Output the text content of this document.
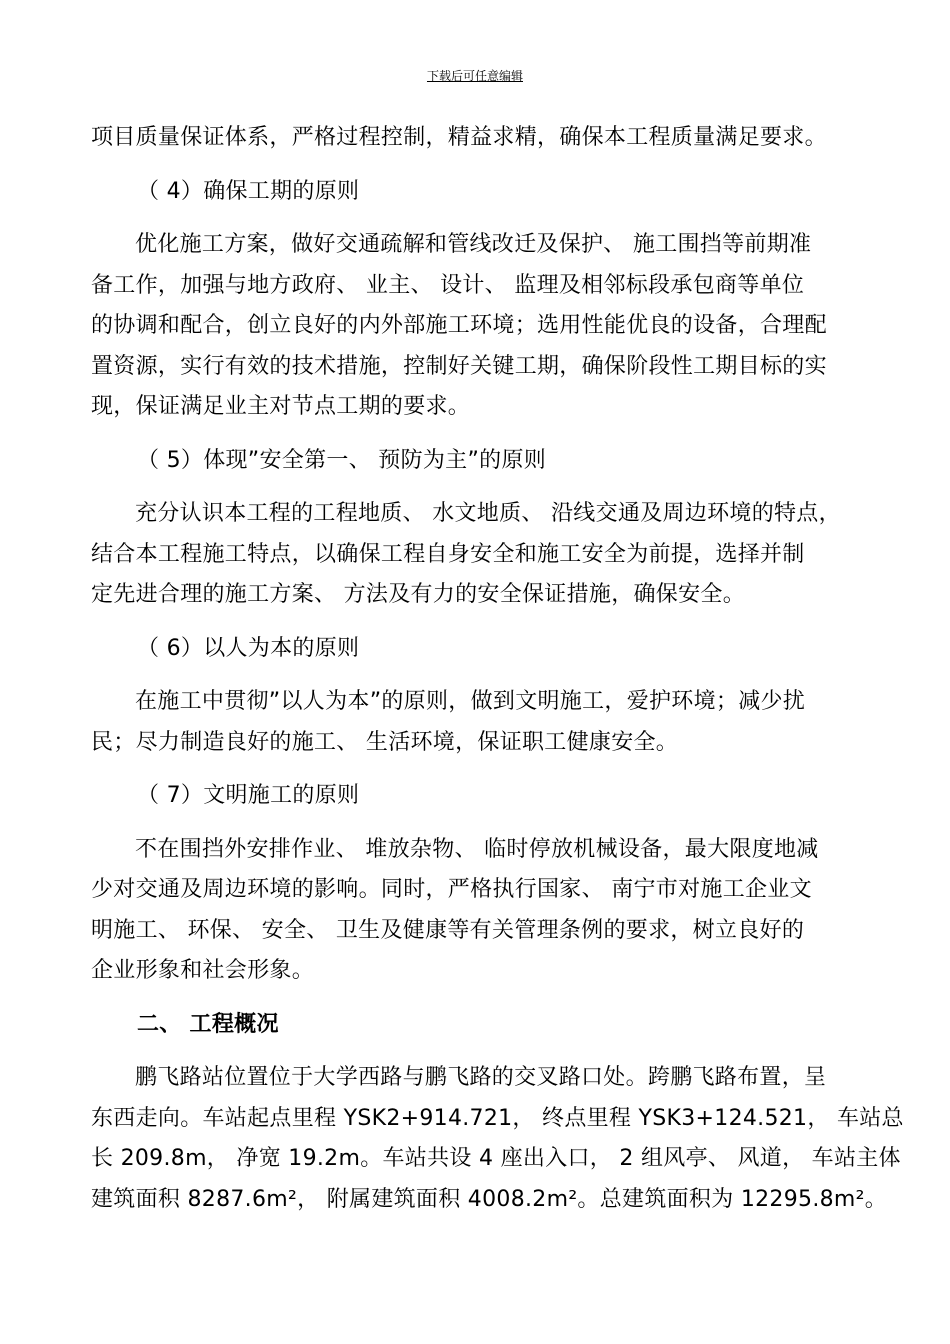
下载后可任意编辑

项目质量保证体系，严格过程控制，精益求精，确保本工程质量满足要求。

（ 4）确保工期的原则

优化施工方案，做好交通疏解和管线改迁及保护、 施工围挡等前期准

备工作，加强与地方政府、 业主、 设计、 监理及相邻标段承包商等单位

的协调和配合，创立良好的内外部施工环境；选用性能优良的设备，合理配

置资源，实行有效的技术措施，控制好关键工期，确保阶段性工期目标的实

现，保证满足业主对节点工期的要求。

（ 5）体现”安全第一、 预防为主”的原则

充分认识本工程的工程地质、 水文地质、 沿线交通及周边环境的特点，

结合本工程施工特点，以确保工程自身安全和施工安全为前提，选择并制

定先进合理的施工方案、 方法及有力的安全保证措施，确保安全。

（ 6）以人为本的原则

在施工中贯彻”以人为本”的原则，做到文明施工，爱护环境；减少扰

民；尽力制造良好的施工、 生活环境，保证职工健康安全。

（ 7）文明施工的原则

不在围挡外安排作业、 堆放杂物、 临时停放机械设备，最大限度地减

少对交通及周边环境的影响。同时，严格执行国家、 南宁市对施工企业文

明施工、 环保、 安全、 卫生及健康等有关管理条例的要求，树立良好的

企业形象和社会形象。

二、 工程概况

鹏飞路站位置位于大学西路与鹏飞路的交叉路口处。跨鹏飞路布置，呈

东西走向。车站起点里程 YSK2+914.721， 终点里程 YSK3+124.521， 车站总

长 209.8m， 净宽 19.2m。车站共设 4 座出入口， 2 组风亭、 风道， 车站主体

建筑面积 8287.6m²， 附属建筑面积 4008.2m²。总建筑面积为 12295.8m²。
